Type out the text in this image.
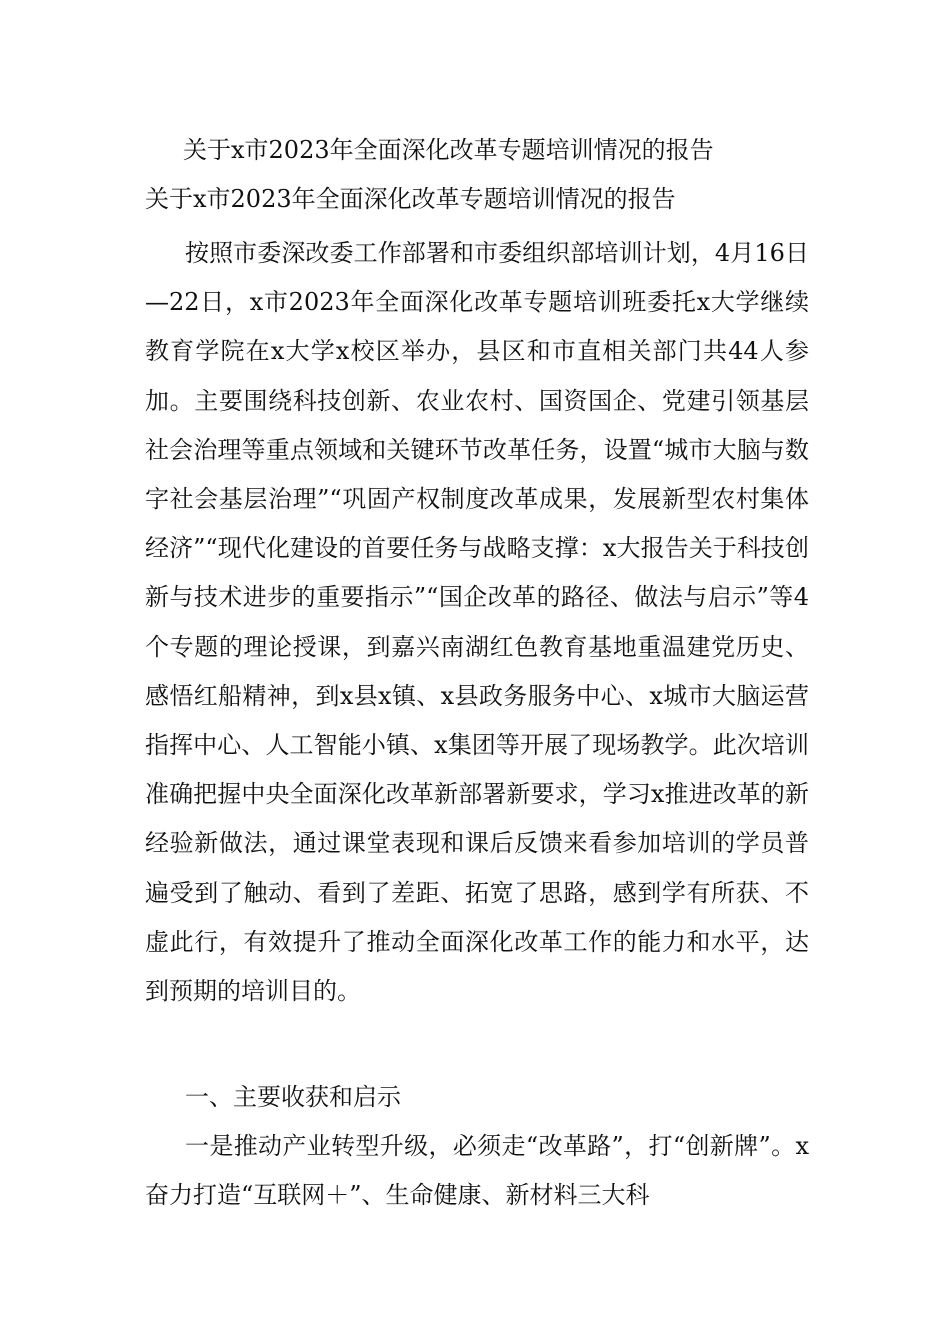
关于x市2023年全面深化改革专题培训情况的报告
关于x市2023年全面深化改革专题培训情况的报告

按照市委深改委工作部署和市委组织部培训计划，4月16日—22日，x市2023年全面深化改革专题培训班委托x大学继续教育学院在x大学x校区举办，县区和市直相关部门共44人参加。主要围绕科技创新、农业农村、国资国企、党建引领基层社会治理等重点领域和关键环节改革任务，设置“城市大脑与数字社会基层治理”“巩固产权制度改革成果，发展新型农村集体经济”“现代化建设的首要任务与战略支撑：x大报告关于科技创新与技术进步的重要指示”“国企改革的路径、做法与启示”等4个专题的理论授课，到嘉兴南湖红色教育基地重温建党历史、感悟红船精神，到x县x镇、x县政务服务中心、x城市大脑运营指挥中心、人工智能小镇、x集团等开展了现场教学。此次培训准确把握中央全面深化改革新部署新要求，学习x推进改革的新经验新做法，通过课堂表现和课后反馈来看参加培训的学员普遍受到了触动、看到了差距、拓宽了思路，感到学有所获、不虚此行，有效提升了推动全面深化改革工作的能力和水平，达到预期的培训目的。

一、主要收获和启示

一是推动产业转型升级，必须走“改革路”，打“创新牌”。x奋力打造“互联网＋”、生命健康、新材料三大科
